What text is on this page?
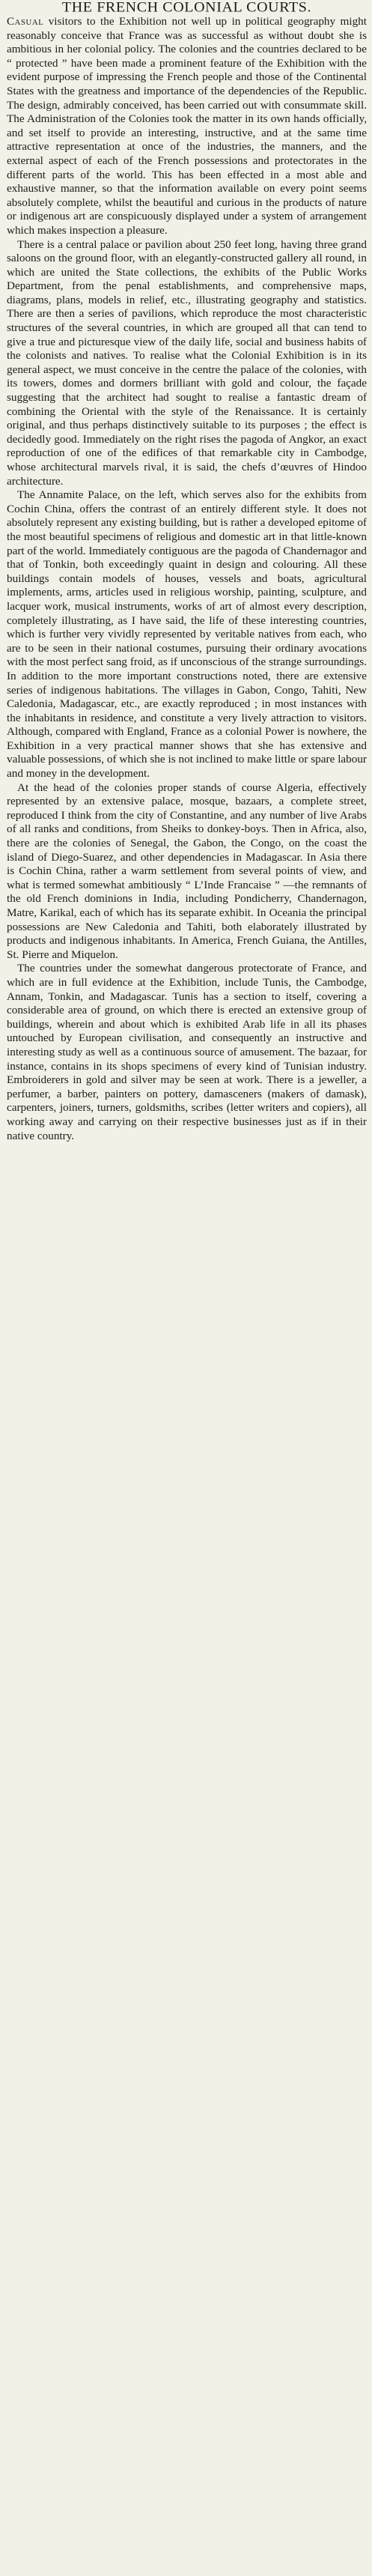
THE FRENCH COLONIAL COURTS.

Casual visitors to the Exhibition not well up in political geography might reasonably conceive that France was as successful as without doubt she is ambitious in her colonial policy. The colonies and the countries declared to be “ protected ” have been made a prominent feature of the Exhibition with the evident purpose of impressing the French people and those of the Continental States with the greatness and importance of the dependencies of the Republic. The design, admirably conceived, has been carried out with consummate skill. The Administration of the Colonies took the matter in its own hands officially, and set itself to provide an interesting, instructive, and at the same time attractive representation at once of the industries, the manners, and the external aspect of each of the French possessions and protectorates in the different parts of the world. This has been effected in a most able and exhaustive manner, so that the information available on every point seems absolutely complete, whilst the beautiful and curious in the products of nature or indigenous art are conspicuously displayed under a system of arrangement which makes inspection a pleasure.

There is a central palace or pavilion about 250 feet long, having three grand saloons on the ground floor, with an elegantly-constructed gallery all round, in which are united the State collections, the exhibits of the Public Works Department, from the penal establishments, and comprehensive maps, diagrams, plans, models in relief, etc., illustrating geography and statistics. There are then a series of pavilions, which reproduce the most characteristic structures of the several countries, in which are grouped all that can tend to give a true and picturesque view of the daily life, social and business habits of the colonists and natives. To realise what the Colonial Exhibition is in its general aspect, we must conceive in the centre the palace of the colonies, with its towers, domes and dormers brilliant with gold and colour, the façade suggesting that the architect had sought to realise a fantastic dream of combining the Oriental with the style of the Renaissance. It is certainly original, and thus perhaps distinctively suitable to its purposes ; the effect is decidedly good. Immediately on the right rises the pagoda of Angkor, an exact reproduction of one of the edifices of that remarkable city in Cambodge, whose architectural marvels rival, it is said, the chefs d’œuvres of Hindoo architecture.

The Annamite Palace, on the left, which serves also for the exhibits from Cochin China, offers the contrast of an entirely different style. It does not absolutely represent any existing building, but is rather a developed epitome of the most beautiful specimens of religious and domestic art in that little-known part of the world. Immediately contiguous are the pagoda of Chandernagor and that of Tonkin, both exceedingly quaint in design and colouring. All these buildings contain models of houses, vessels and boats, agricultural implements, arms, articles used in religious worship, painting, sculpture, and lacquer work, musical instruments, works of art of almost every description, completely illustrating, as I have said, the life of these interesting countries, which is further very vividly represented by veritable natives from each, who are to be seen in their national costumes, pursuing their ordinary avocations with the most perfect sang froid, as if unconscious of the strange surroundings. In addition to the more important constructions noted, there are extensive series of indigenous habitations. The villages in Gabon, Congo, Tahiti, New Caledonia, Madagascar, etc., are exactly reproduced ; in most instances with the inhabitants in residence, and constitute a very lively attraction to visitors. Although, compared with England, France as a colonial Power is nowhere, the Exhibition in a very practical manner shows that she has extensive and valuable possessions, of which she is not inclined to make little or spare labour and money in the development.

At the head of the colonies proper stands of course Algeria, effectively represented by an extensive palace, mosque, bazaars, a complete street, reproduced I think from the city of Constantine, and any number of live Arabs of all ranks and conditions, from Sheiks to donkey-boys. Then in Africa, also, there are the colonies of Senegal, the Gabon, the Congo, on the coast the island of Diego-Suarez, and other dependencies in Madagascar. In Asia there is Cochin China, rather a warm settlement from several points of view, and what is termed somewhat ambitiously “ L’Inde Francaise ” —the remnants of the old French dominions in India, including Pondicherry, Chandernagon, Matre, Karikal, each of which has its separate exhibit. In Oceania the principal possessions are New Caledonia and Tahiti, both elaborately illustrated by products and indigenous inhabitants. In America, French Guiana, the Antilles, St. Pierre and Miquelon.

The countries under the somewhat dangerous protectorate of France, and which are in full evidence at the Exhibition, include Tunis, the Cambodge, Annam, Tonkin, and Madagascar. Tunis has a section to itself, covering a considerable area of ground, on which there is erected an extensive group of buildings, wherein and about which is exhibited Arab life in all its phases untouched by European civilisation, and consequently an instructive and interesting study as well as a continuous source of amusement. The bazaar, for instance, contains in its shops specimens of every kind of Tunisian industry. Embroiderers in gold and silver may be seen at work. There is a jeweller, a perfumer, a barber, painters on pottery, damasceners (makers of damask), carpenters, joiners, turners, goldsmiths, scribes (letter writers and copiers), all working away and carrying on their respective businesses just as if in their native country.
